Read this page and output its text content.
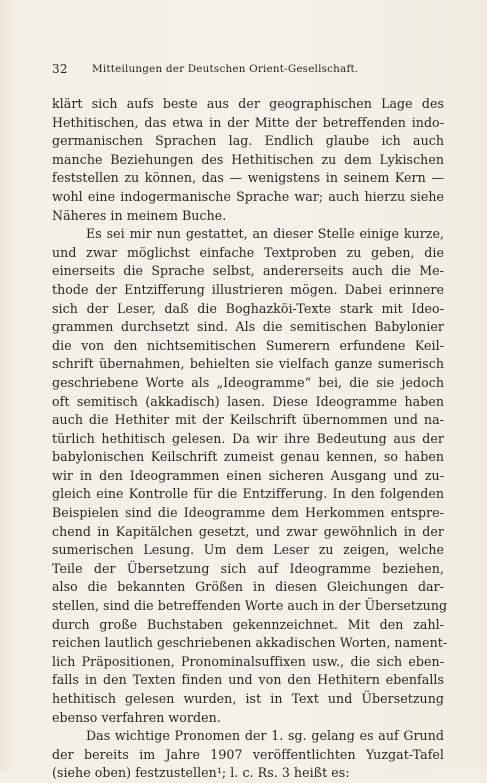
32 Mitteilungen der Deutschen Orient-Gesellschaft.
klärt sich aufs beste aus der geographischen Lage des
Hethitischen, das etwa in der Mitte der betreffenden indo-
germanischen Sprachen lag. Endlich glaube ich auch
manche Beziehungen des Hethitischen zu dem Lykischen
feststellen zu können, das — wenigstens in seinem Kern —
wohl eine indogermanische Sprache war; auch hierzu siehe
Näheres in meinem Buche.
Es sei mir nun gestattet, an dieser Stelle einige kurze,
und zwar möglichst einfache Textproben zu geben, die
einerseits die Sprache selbst, andererseits auch die Me-
thode der Entzifferung illustrieren mögen. Dabei erinnere
sich der Leser, daß die Boghazköi-Texte stark mit Ideo-
grammen durchsetzt sind. Als die semitischen Babylonier
die von den nichtsemitischen Sumerern erfundene Keil-
schrift übernahmen, behielten sie vielfach ganze sumerisch
geschriebene Worte als „Ideogramme“ bei, die sie jedoch
oft semitisch (akkadisch) lasen. Diese Ideogramme haben
auch die Hethiter mit der Keilschrift übernommen und na-
türlich hethitisch gelesen. Da wir ihre Bedeutung aus der
babylonischen Keilschrift zumeist genau kennen, so haben
wir in den Ideogrammen einen sicheren Ausgang und zu-
gleich eine Kontrolle für die Entzifferung. In den folgenden
Beispielen sind die Ideogramme dem Herkommen entspre-
chend in Kapitälchen gesetzt, und zwar gewöhnlich in der
sumerischen Lesung. Um dem Leser zu zeigen, welche
Teile der Übersetzung sich auf Ideogramme beziehen,
also die bekannten Größen in diesen Gleichungen dar-
stellen, sind die betreffenden Worte auch in der Übersetzung
durch große Buchstaben gekennzeichnet. Mit den zahl-
reichen lautlich geschriebenen akkadischen Worten, nament-
lich Präpositionen, Pronominalsuffixen usw., die sich eben-
falls in den Texten finden und von den Hethitern ebenfalls
hethitisch gelesen wurden, ist in Text und Übersetzung
ebenso verfahren worden.
Das wichtige Pronomen der 1. sg. gelang es auf Grund
der bereits im Jahre 1907 veröffentlichten Yuzgat-Tafel
(siehe oben) festzustellen¹; l. c. Rs. 3 heißt es:
